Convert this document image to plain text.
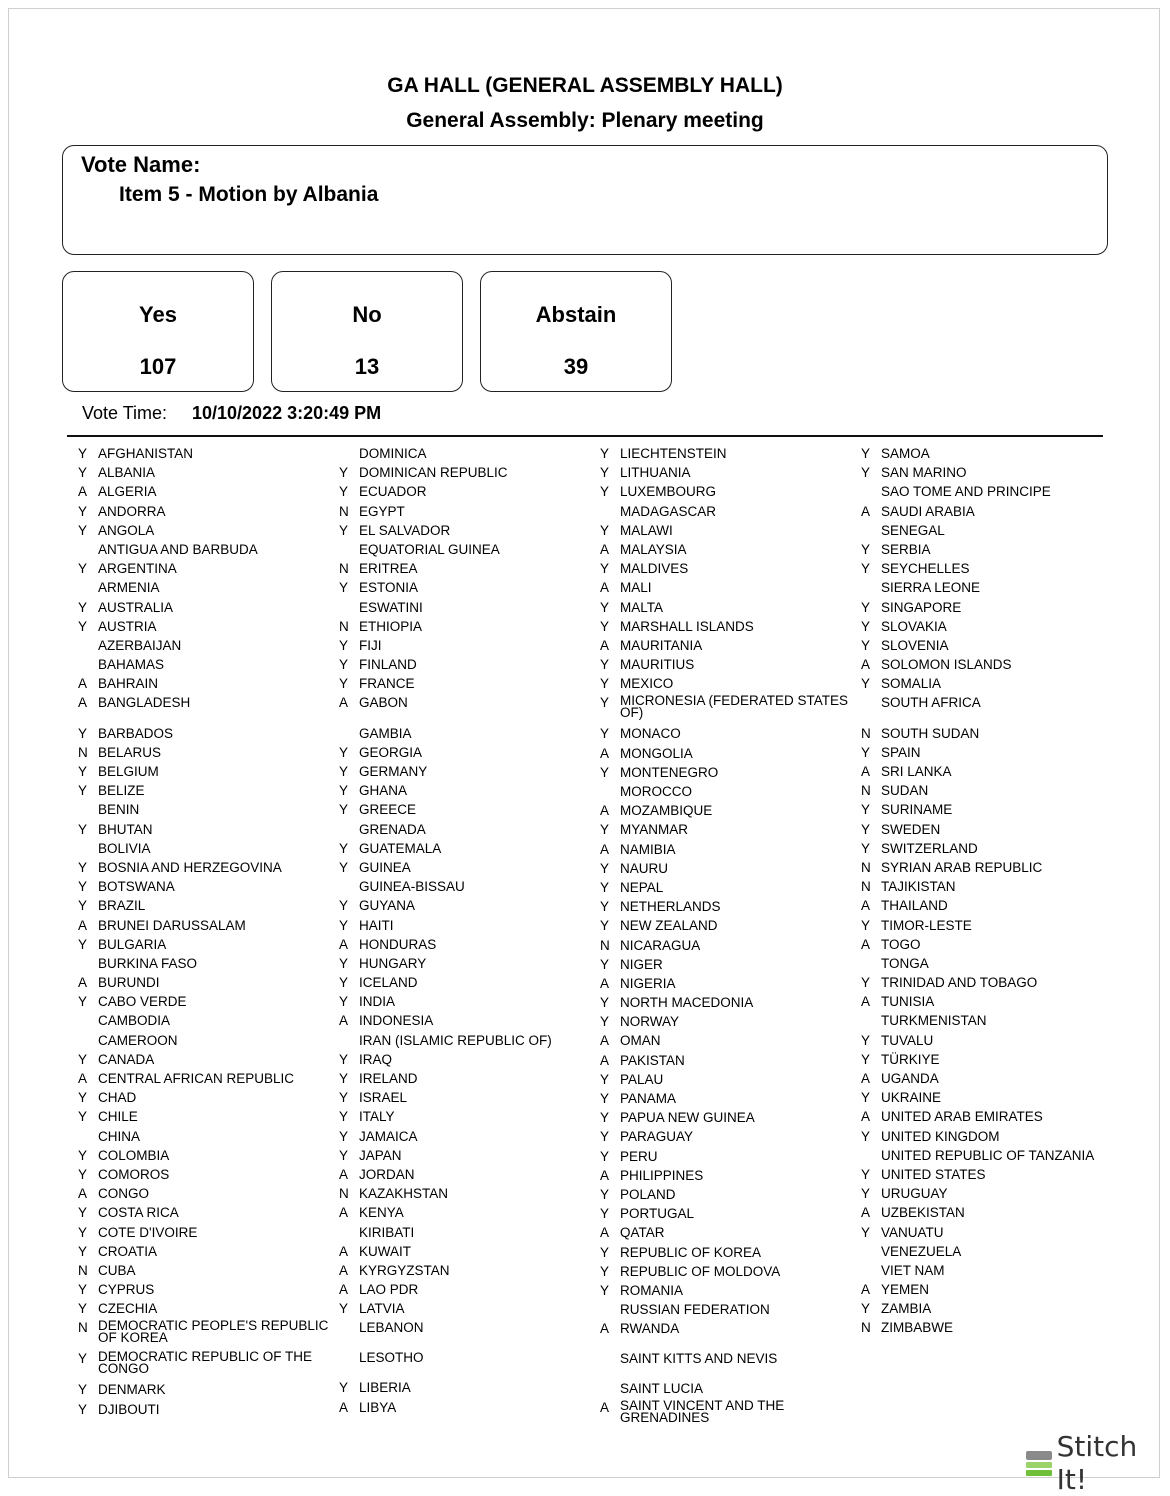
GA HALL (GENERAL ASSEMBLY HALL)
General Assembly: Plenary meeting
Vote Name:
Item 5 - Motion by Albania
Yes
107
No
13
Abstain
39
Vote Time: 10/10/2022 3:20:49 PM
Y AFGHANISTAN
Y ALBANIA
A ALGERIA
Y ANDORRA
Y ANGOLA
ANTIGUA AND BARBUDA
Y ARGENTINA
ARMENIA
Y AUSTRALIA
Y AUSTRIA
AZERBAIJAN
BAHAMAS
A BAHRAIN
A BANGLADESH
Y BARBADOS
N BELARUS
Y BELGIUM
Y BELIZE
BENIN
Y BHUTAN
BOLIVIA
Y BOSNIA AND HERZEGOVINA
Y BOTSWANA
Y BRAZIL
A BRUNEI DARUSSALAM
Y BULGARIA
BURKINA FASO
A BURUNDI
Y CABO VERDE
CAMBODIA
CAMEROON
Y CANADA
A CENTRAL AFRICAN REPUBLIC
Y CHAD
Y CHILE
CHINA
Y COLOMBIA
Y COMOROS
A CONGO
Y COSTA RICA
Y COTE D'IVOIRE
Y CROATIA
N CUBA
Y CYPRUS
Y CZECHIA
N DEMOCRATIC PEOPLE'S REPUBLIC OF KOREA
Y DEMOCRATIC REPUBLIC OF THE CONGO
Y DENMARK
Y DJIBOUTI
DOMINICA
Y DOMINICAN REPUBLIC
Y ECUADOR
N EGYPT
Y EL SALVADOR
EQUATORIAL GUINEA
N ERITREA
Y ESTONIA
ESWATINI
N ETHIOPIA
Y FIJI
Y FINLAND
Y FRANCE
A GABON
GAMBIA
Y GEORGIA
Y GERMANY
Y GHANA
Y GREECE
GRENADA
Y GUATEMALA
Y GUINEA
GUINEA-BISSAU
Y GUYANA
Y HAITI
A HONDURAS
Y HUNGARY
Y ICELAND
Y INDIA
A INDONESIA
IRAN (ISLAMIC REPUBLIC OF)
Y IRAQ
Y IRELAND
Y ISRAEL
Y ITALY
Y JAMAICA
Y JAPAN
A JORDAN
N KAZAKHSTAN
A KENYA
KIRIBATI
A KUWAIT
A KYRGYZSTAN
A LAO PDR
Y LATVIA
LEBANON
LESOTHO
Y LIBERIA
A LIBYA
Y LIECHTENSTEIN
Y LITHUANIA
Y LUXEMBOURG
MADAGASCAR
Y MALAWI
A MALAYSIA
Y MALDIVES
A MALI
Y MALTA
Y MARSHALL ISLANDS
A MAURITANIA
Y MAURITIUS
Y MEXICO
Y MICRONESIA (FEDERATED STATES OF)
Y MONACO
A MONGOLIA
Y MONTENEGRO
MOROCCO
A MOZAMBIQUE
Y MYANMAR
A NAMIBIA
Y NAURU
Y NEPAL
Y NETHERLANDS
Y NEW ZEALAND
N NICARAGUA
Y NIGER
A NIGERIA
Y NORTH MACEDONIA
Y NORWAY
A OMAN
A PAKISTAN
Y PALAU
Y PANAMA
Y PAPUA NEW GUINEA
Y PARAGUAY
Y PERU
A PHILIPPINES
Y POLAND
Y PORTUGAL
A QATAR
Y REPUBLIC OF KOREA
Y REPUBLIC OF MOLDOVA
Y ROMANIA
RUSSIAN FEDERATION
A RWANDA
SAINT KITTS AND NEVIS
SAINT LUCIA
A SAINT VINCENT AND THE GRENADINES
Y SAMOA
Y SAN MARINO
SAO TOME AND PRINCIPE
A SAUDI ARABIA
SENEGAL
Y SERBIA
Y SEYCHELLES
SIERRA LEONE
Y SINGAPORE
Y SLOVAKIA
Y SLOVENIA
A SOLOMON ISLANDS
Y SOMALIA
SOUTH AFRICA
N SOUTH SUDAN
Y SPAIN
A SRI LANKA
N SUDAN
Y SURINAME
Y SWEDEN
Y SWITZERLAND
N SYRIAN ARAB REPUBLIC
N TAJIKISTAN
A THAILAND
Y TIMOR-LESTE
A TOGO
TONGA
Y TRINIDAD AND TOBAGO
A TUNISIA
TURKMENISTAN
Y TUVALU
Y TÜRKIYE
A UGANDA
Y UKRAINE
A UNITED ARAB EMIRATES
Y UNITED KINGDOM
UNITED REPUBLIC OF TANZANIA
Y UNITED STATES
Y URUGUAY
A UZBEKISTAN
Y VANUATU
VENEZUELA
VIET NAM
A YEMEN
Y ZAMBIA
N ZIMBABWE
Stitch It!
